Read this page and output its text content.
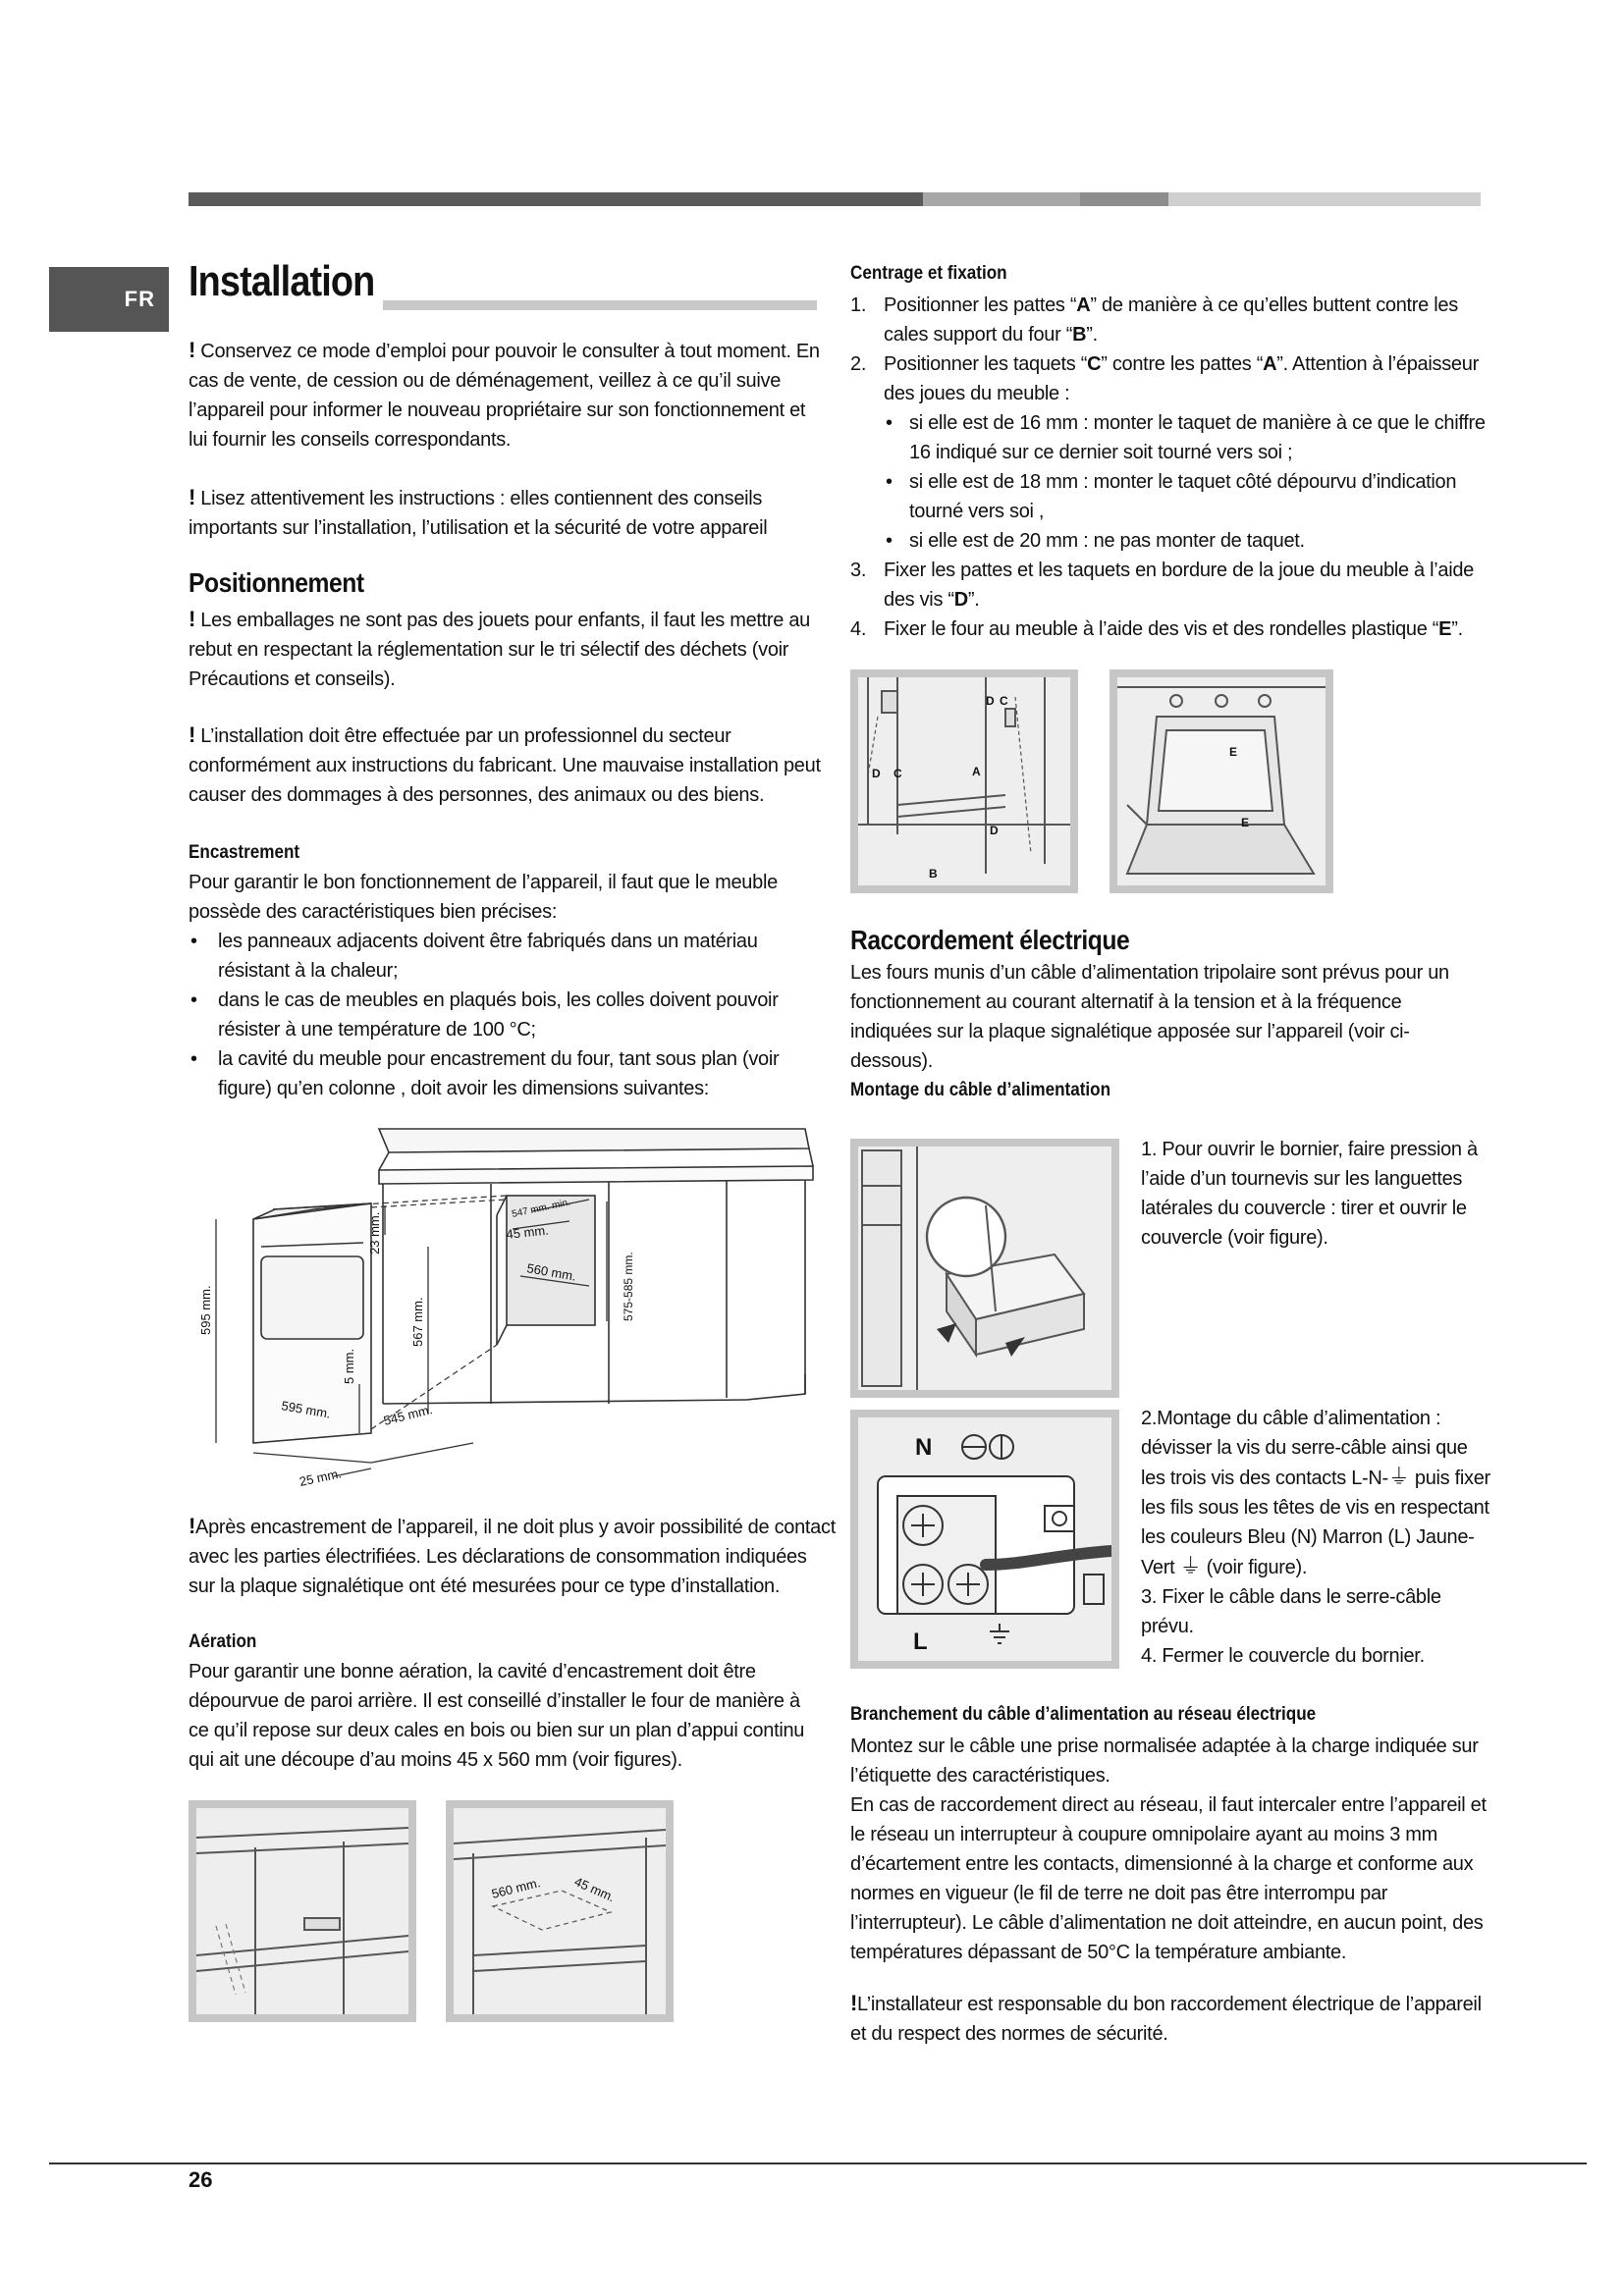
FR Installation
! Conservez ce mode d’emploi pour pouvoir le consulter à tout moment. En cas de vente, de cession ou de déménagement, veillez à ce qu’il suive l’appareil pour informer le nouveau propriétaire sur son fonctionnement et lui fournir les conseils correspondants.
! Lisez attentivement les instructions : elles contiennent des conseils importants sur l’installation, l’utilisation et la sécurité de votre appareil
Positionnement
! Les emballages ne sont pas des jouets pour enfants, il faut les mettre au rebut en respectant la réglementation sur le tri sélectif des déchets (voir Précautions et conseils).
! L’installation doit être effectuée par un professionnel du secteur conformément aux instructions du fabricant. Une mauvaise installation peut causer des dommages à des personnes, des animaux ou des biens.
Encastrement
Pour garantir le bon fonctionnement de l’appareil, il faut que le meuble possède des caractéristiques bien précises:
• les panneaux adjacents doivent être fabriqués dans un matériau résistant à la chaleur;
• dans le cas de meubles en plaqués bois, les colles doivent pouvoir résister à une température de 100 °C;
• la cavité du meuble pour encastrement du four, tant sous plan (voir figure) qu’en colonne , doit avoir les dimensions suivantes:
595 mm.
23 mm.
567 mm.
5 mm.
595 mm.	545 mm.
25 mm.
547 mm. min.
45 mm.
560 mm.	575-585 mm.
!Après encastrement de l’appareil, il ne doit plus y avoir possibilité de contact avec les parties électrifiées. Les déclarations de consommation indiquées sur la plaque signalétique ont été mesurées pour ce type d’installation.
Aération
Pour garantir une bonne aération, la cavité d’encastrement doit être dépourvue de paroi arrière. Il est conseillé d’installer le four de manière à ce qu’il repose sur deux cales en bois ou bien sur un plan d’appui continu qui ait une découpe d’au moins 45 x 560 mm (voir figures).
560 mm. 45 mm.
Centrage et fixation
1. Positionner les pattes “A” de manière à ce qu’elles buttent contre les cales support du four “B”.
2. Positionner les taquets “C” contre les pattes “A”. Attention à l’épaisseur des joues du meuble :
• si elle est de 16 mm : monter le taquet de manière à ce que le chiffre 16 indiqué sur ce dernier soit tourné vers soi ;
• si elle est de 18 mm : monter le taquet côté dépourvu d’indication tourné vers soi ,
• si elle est de 20 mm : ne pas monter de taquet.
3. Fixer les pattes et les taquets en bordure de la joue du meuble à l’aide des vis “D”.
4. Fixer le four au meuble à l’aide des vis et des rondelles plastique “E”.
D C
D C	A
D
B
E
E
Raccordement électrique
Les fours munis d’un câble d’alimentation tripolaire sont prévus pour un fonctionnement au courant alternatif à la tension et à la fréquence indiquées sur la plaque signalétique apposée sur l’appareil (voir ci-dessous).
Montage du câble d’alimentation
1. Pour ouvrir le bornier, faire pression à l’aide d’un tournevis sur les languettes latérales du couvercle : tirer et ouvrir le couvercle (voir figure).
N
L
2.Montage du câble d’alimentation : dévisser la vis du serre-câble ainsi que les trois vis des contacts L-N-⏚ puis fixer les fils sous les têtes de vis en respectant les couleurs Bleu (N) Marron (L) Jaune-Vert ⏚ (voir figure).
3. Fixer le câble dans le serre-câble prévu.
4. Fermer le couvercle du bornier.
Branchement du câble d’alimentation au réseau électrique
Montez sur le câble une prise normalisée adaptée à la charge indiquée sur l’étiquette des caractéristiques.
En cas de raccordement direct au réseau, il faut intercaler entre l’appareil et le réseau un interrupteur à coupure omnipolaire ayant au moins 3 mm d’écartement entre les contacts, dimensionné à la charge et conforme aux normes en vigueur (le fil de terre ne doit pas être interrompu par l’interrupteur). Le câble d’alimentation ne doit atteindre, en aucun point, des températures dépassant de 50°C la température ambiante.
!L’installateur est responsable du bon raccordement électrique de l’appareil et du respect des normes de sécurité.
26
